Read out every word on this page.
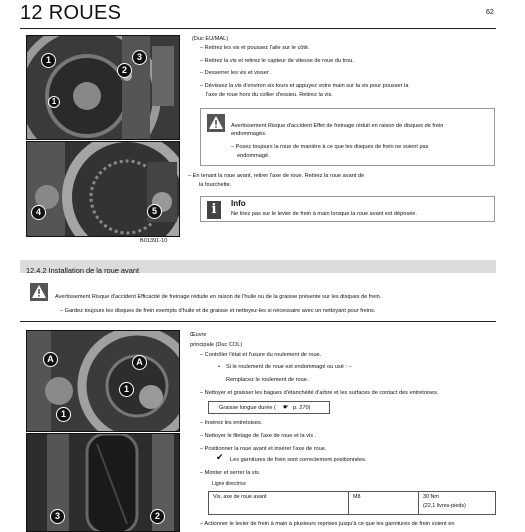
12 ROUES	62
B01391-10
1
2
3
4	5
1
(Duc EU/MAL)
– Retirez les vis et poussez l'aile sur le côté.
– Retirez la vis et retirez le capteur de vitesse de roue du trou.
– Desserrer les vis et visser .
– Dévissez la vis d'environ six tours et appuyez votre main sur la vis pour pousser la
l'axe de roue hors du collier d'essieu. Retirez la vis.
Avertissement Risque d'accident Effet de freinage réduit en raison de disques de frein
endommagés.
– Posez toujours la roue de manière à ce que les disques de frein ne soient pas
endommagé.
– En tenant la roue avant, retirer l'axe de roue. Retirez la roue avant de
la fourchette.
i	Info
Ne tirez pas sur le levier de frein à main lorsque la roue avant est déposée.
12.4.2 Installation de la roue avant
Avertissement Risque d'accident Efficacité de freinage réduite en raison de l'huile ou de la graisse présente sur les disques de frein.
– Gardez toujours les disques de frein exempts d'huile et de graisse et nettoyez-les si nécessaire avec un nettoyant pour freins.
A
1
A
1
3	2
Œuvre
principale (Duc COL)
– Contrôler l'état et l'usure du roulement de roue.
• Si le roulement de roue est endommagé ou usé : –
Remplacez le roulement de roue.
– Nettoyer et graisser les bagues d'étanchéité d'arbre et les surfaces de contact des entretoises.
Graisse longue durée ( ☛ p. 270)
– Insérez les entretoises.
– Nettoyer le filetage de l'axe de roue et la vis .
– Positionner la roue avant et insérer l'axe de roue.
✔ Les garnitures de frein sont correctement positionnées.
– Monter et serrer la vis.
Ligne directrice
Vis, axe de roue avant	M8	30 Nm
(22,1 livres-pieds)
– Actionner le levier de frein à main à plusieurs reprises jusqu'à ce que les garnitures de frein soient en
